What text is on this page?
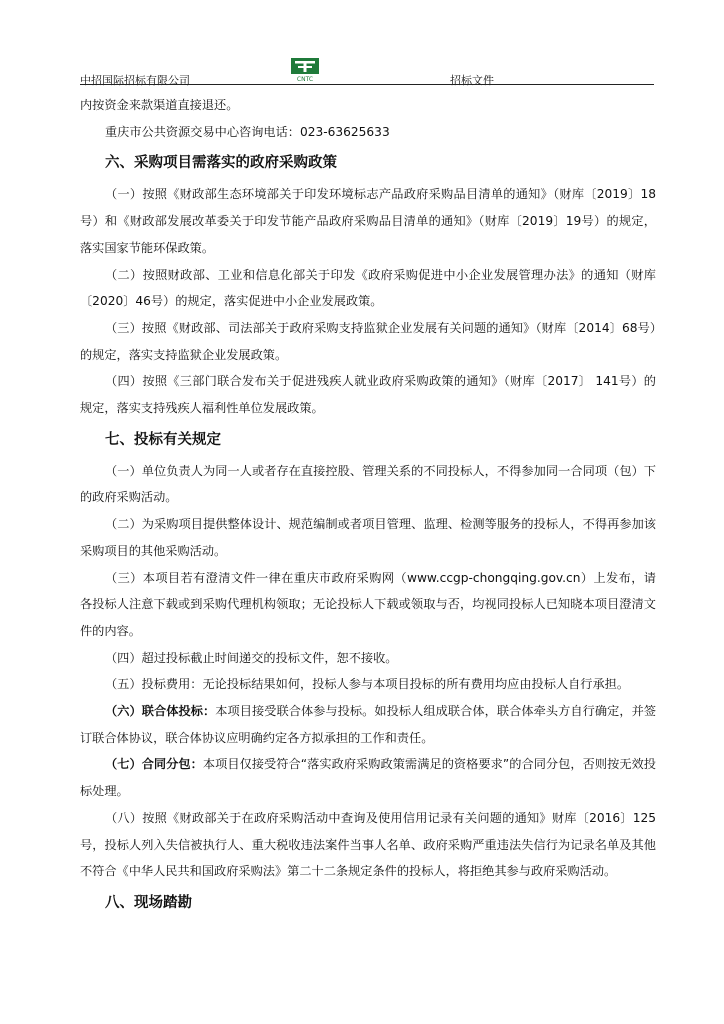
中招国际招标有限公司	CNTC	招标文件

内按资金来款渠道直接退还。

重庆市公共资源交易中心咨询电话：023-63625633

六、采购项目需落实的政府采购政策

（一）按照《财政部生态环境部关于印发环境标志产品政府采购品目清单的通知》（财库〔2019〕18号）和《财政部发展改革委关于印发节能产品政府采购品目清单的通知》（财库〔2019〕19号）的规定，落实国家节能环保政策。

（二）按照财政部、工业和信息化部关于印发《政府采购促进中小企业发展管理办法》的通知（财库〔2020〕46号）的规定，落实促进中小企业发展政策。

（三）按照《财政部、司法部关于政府采购支持监狱企业发展有关问题的通知》（财库〔2014〕68号）的规定，落实支持监狱企业发展政策。

（四）按照《三部门联合发布关于促进残疾人就业政府采购政策的通知》（财库〔2017〕 141号）的规定，落实支持残疾人福利性单位发展政策。

七、投标有关规定

（一）单位负责人为同一人或者存在直接控股、管理关系的不同投标人，不得参加同一合同项（包）下的政府采购活动。

（二）为采购项目提供整体设计、规范编制或者项目管理、监理、检测等服务的投标人，不得再参加该采购项目的其他采购活动。

（三）本项目若有澄清文件一律在重庆市政府采购网（www.ccgp-chongqing.gov.cn）上发布，请各投标人注意下载或到采购代理机构领取；无论投标人下载或领取与否，均视同投标人已知晓本项目澄清文件的内容。

（四）超过投标截止时间递交的投标文件，恕不接收。

（五）投标费用：无论投标结果如何，投标人参与本项目投标的所有费用均应由投标人自行承担。

（六）联合体投标：本项目接受联合体参与投标。如投标人组成联合体，联合体牵头方自行确定，并签订联合体协议，联合体协议应明确约定各方拟承担的工作和责任。

（七）合同分包：本项目仅接受符合“落实政府采购政策需满足的资格要求”的合同分包，否则按无效投标处理。

（八）按照《财政部关于在政府采购活动中查询及使用信用记录有关问题的通知》财库〔2016〕125号，投标人列入失信被执行人、重大税收违法案件当事人名单、政府采购严重违法失信行为记录名单及其他不符合《中华人民共和国政府采购法》第二十二条规定条件的投标人，将拒绝其参与政府采购活动。

八、现场踏勘
